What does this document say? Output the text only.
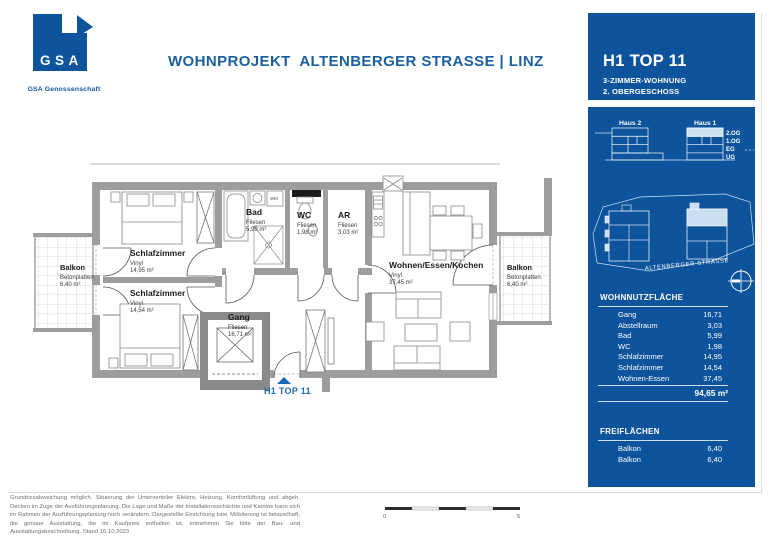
GSA
GSA Genossenschaft
WOHNPROJEKT  ALTENBERGER STRASSE | LINZ
WM
0	5
Balkon
Betonplatten
6,40 m²
Schlafzimmer
Vinyl
14,95 m²
Schlafzimmer
Vinyl
14,54 m²
Bad
Fliesen
5,99 m²
WC
Fliesen
1,98 m²
AR
Fliesen
3,03 m²
Gang
Fliesen
16,71 m²
Wohnen/Essen/Kochen
Vinyl
37,45 m²
Balkon
Betonplatten
6,40 m²
H1 TOP 11
H1 TOP 11
3-ZIMMER-WOHNUNG
2. OBERGESCHOSS
Haus 2	Haus 1
2.OG
1.OG
EG
UG
ALTENBERGER STRASSE
WOHNNUTZFLÄCHE
Gang	16,71
Abstellraum	3,03
Bad	5,99
WC	1,98
Schlafzimmer	14,95
Schlafzimmer	14,54
Wohnen-Essen	37,45
94,65 m²
FREIFLÄCHEN
Balkon	6,40
Balkon	6,40
Grundrissabweichung möglich. Situierung der Unterverteiler Elektro, Heizung, Komfortlüftung und abgeh. Decken im Zuge der Ausführungsplanung. Die Lage und Maße der Installationsschächte und Kamine kann sich im Rahmen der Ausführungsplanung noch verändern. Dargestellte Einrichtung bzw. Möblierung ist beispielhaft, die genaue Ausstattung, die im Kaufpreis enthalten ist, entnehmen Sie bitte der Bau- und Ausstattungsbeschreibung. Stand 16.10.2023
